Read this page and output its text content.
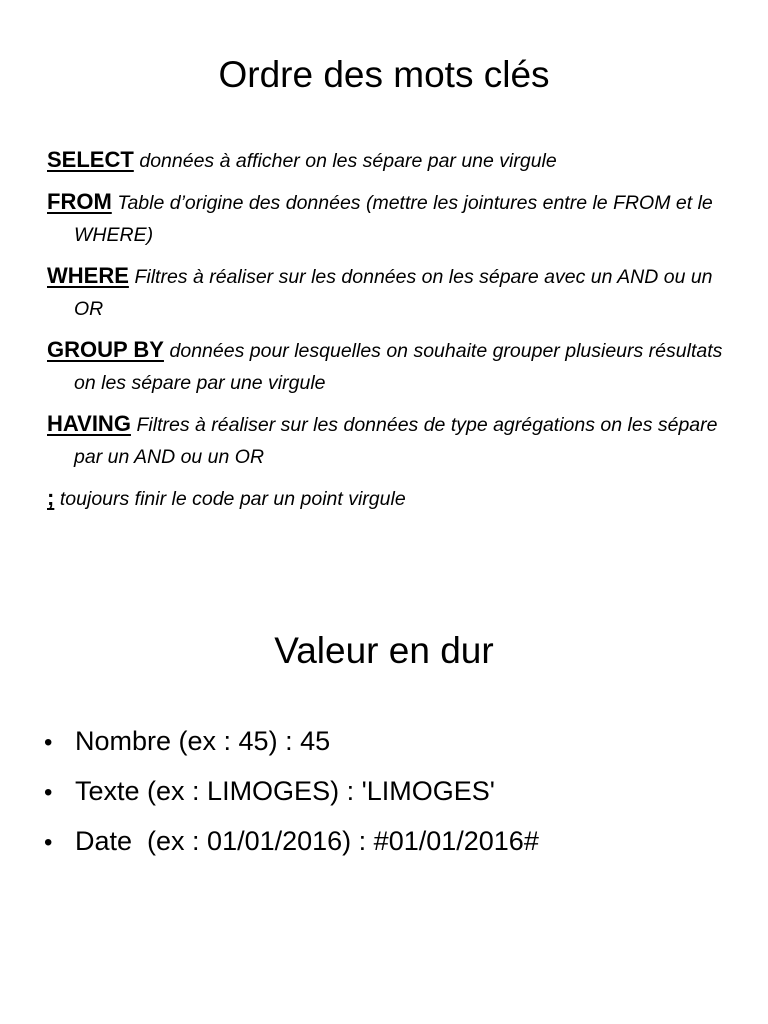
Ordre des mots clés
SELECT données à afficher on les sépare par une virgule
FROM Table d’origine des données (mettre les jointures entre le FROM et le WHERE)
WHERE Filtres à réaliser sur les données on les sépare avec un AND ou un OR
GROUP BY données pour lesquelles on souhaite grouper plusieurs résultats on les sépare par une virgule
HAVING Filtres à réaliser sur les données de type agrégations on les sépare par un AND ou un OR
; toujours finir le code par un point virgule
Valeur en dur
• Nombre (ex : 45) : 45
• Texte (ex : LIMOGES) : 'LIMOGES'
• Date  (ex : 01/01/2016) : #01/01/2016#
